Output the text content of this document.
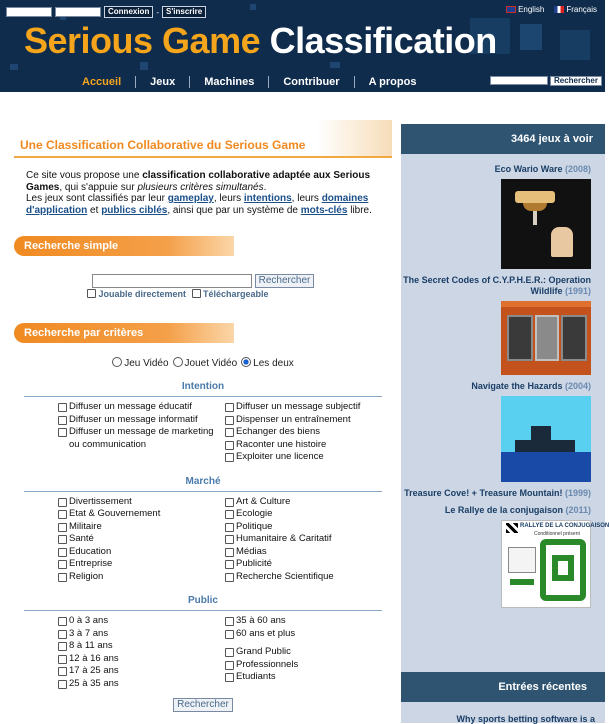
Connexion - S'inscrire	English	Français
Serious Game Classification
Accueil	Jeux	Machines	Contribuer	A propos	Rechercher
Une Classification Collaborative du Serious Game
Ce site vous propose une classification collaborative adaptée aux Serious Games, qui s'appuie sur plusieurs critères simultanés.
Les jeux sont classifiés par leur gameplay, leurs intentions, leurs domaines d'application et publics ciblés, ainsi que par un système de mots-clés libre.
Recherche simple
Rechercher
Jouable directement	Téléchargeable
Recherche par critères
Jeu Vidéo	Jouet Vidéo	Les deux
Intention
Diffuser un message éducatif
Diffuser un message informatif
Diffuser un message de marketing ou communication
Diffuser un message subjectif
Dispenser un entraînement
Echanger des biens
Raconter une histoire
Exploiter une licence
Marché
Divertissement
Etat & Gouvernement
Militaire
Santé
Education
Entreprise
Religion
Art & Culture
Ecologie
Politique
Humanitaire & Caritatif
Médias
Publicité
Recherche Scientifique
Public
0 à 3 ans
3 à 7 ans
8 à 11 ans
12 à 16 ans
17 à 25 ans
25 à 35 ans
35 à 60 ans
60 ans et plus
Grand Public
Professionnels
Etudiants
Rechercher
3464 jeux à voir
Eco Wario Ware (2008)
The Secret Codes of C.Y.P.H.E.R.: Operation Wildlife (1991)
Navigate the Hazards (2004)
Treasure Cove! + Treasure Mountain! (1999)
Le Rallye de la conjugaison (2011)
RALLYE DE LA CONJUGAISON
Conditionnel présent
Entrées récentes
Why sports betting software is a
